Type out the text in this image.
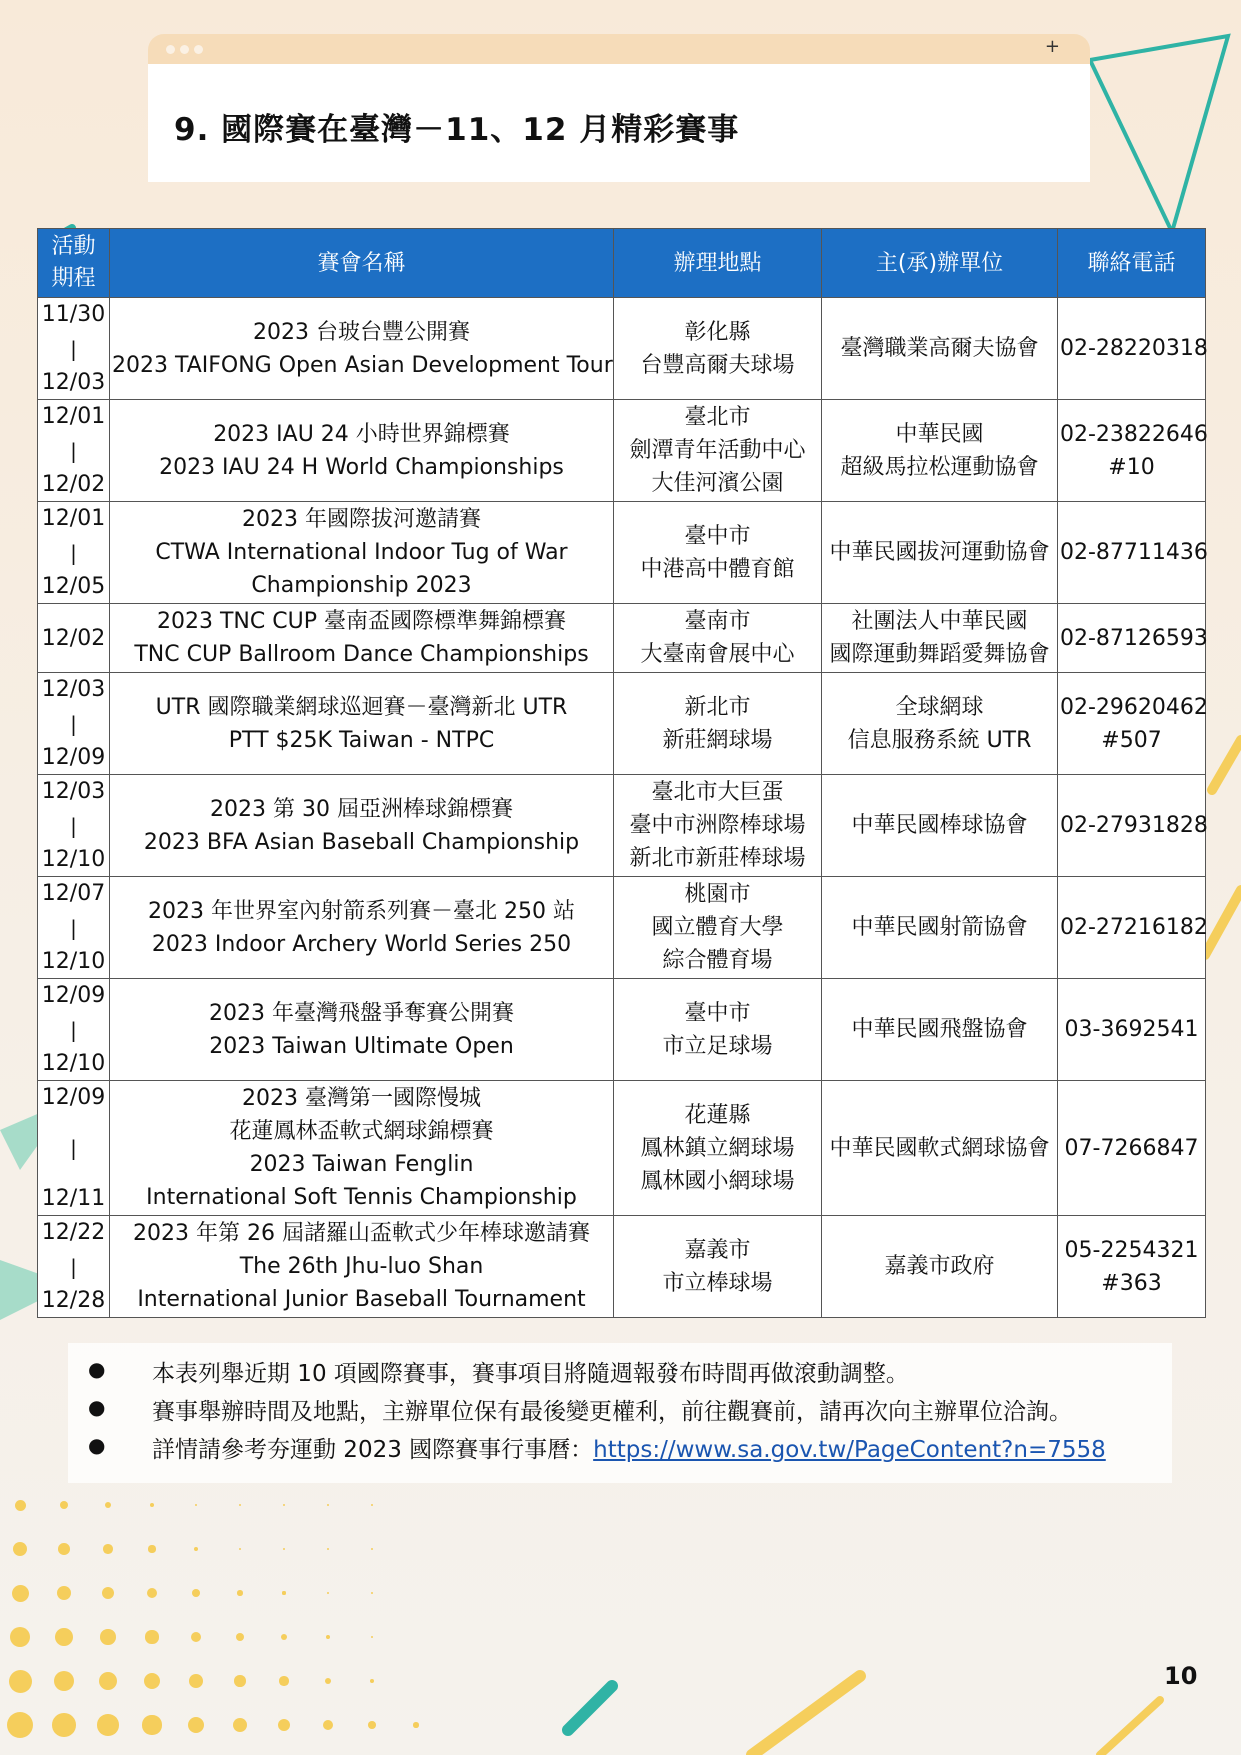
+
9. 國際賽在臺灣－11、12 月精彩賽事
活動
期程	賽會名稱	辦理地點	主(承)辦單位	聯絡電話

11/30
|
12/03	2023 台玻台豐公開賽
2023 TAIFONG Open Asian Development Tour	彰化縣
台豐高爾夫球場	臺灣職業高爾夫協會	02-28220318

12/01
|
12/02	2023 IAU 24 小時世界錦標賽
2023 IAU 24 H World Championships	臺北市
劍潭青年活動中心
大佳河濱公園	中華民國
超級馬拉松運動協會	02-23822646
#10

12/01
|
12/05	2023 年國際拔河邀請賽
CTWA International Indoor Tug of War
Championship 2023	臺中市
中港高中體育館	中華民國拔河運動協會	02-87711436

12/02	2023 TNC CUP 臺南盃國際標準舞錦標賽
TNC CUP Ballroom Dance Championships	臺南市
大臺南會展中心	社團法人中華民國
國際運動舞蹈愛舞協會	02-87126593

12/03
|
12/09	UTR 國際職業網球巡迴賽－臺灣新北 UTR
PTT $25K Taiwan - NTPC	新北市
新莊網球場	全球網球
信息服務系統 UTR	02-29620462
#507

12/03
|
12/10	2023 第 30 屆亞洲棒球錦標賽
2023 BFA Asian Baseball Championship	臺北市大巨蛋
臺中市洲際棒球場
新北市新莊棒球場	中華民國棒球協會	02-27931828

12/07
|
12/10	2023 年世界室內射箭系列賽－臺北 250 站
2023 Indoor Archery World Series 250	桃園市
國立體育大學
綜合體育場	中華民國射箭協會	02-27216182

12/09
|
12/10	2023 年臺灣飛盤爭奪賽公開賽
2023 Taiwan Ultimate Open	臺中市
市立足球場	中華民國飛盤協會	03-3692541

12/09
|
12/11	2023 臺灣第一國際慢城
花蓮鳳林盃軟式網球錦標賽
2023 Taiwan Fenglin
International Soft Tennis Championship	花蓮縣
鳳林鎮立網球場
鳳林國小網球場	中華民國軟式網球協會	07-7266847

12/22
|
12/28	2023 年第 26 屆諸羅山盃軟式少年棒球邀請賽
The 26th Jhu-luo Shan
International Junior Baseball Tournament	嘉義市
市立棒球場	嘉義市政府	05-2254321
#363
● 本表列舉近期 10 項國際賽事，賽事項目將隨週報發布時間再做滾動調整。
● 賽事舉辦時間及地點，主辦單位保有最後變更權利，前往觀賽前，請再次向主辦單位洽詢。
● 詳情請參考夯運動 2023 國際賽事行事曆：https://www.sa.gov.tw/PageContent?n=7558
10
